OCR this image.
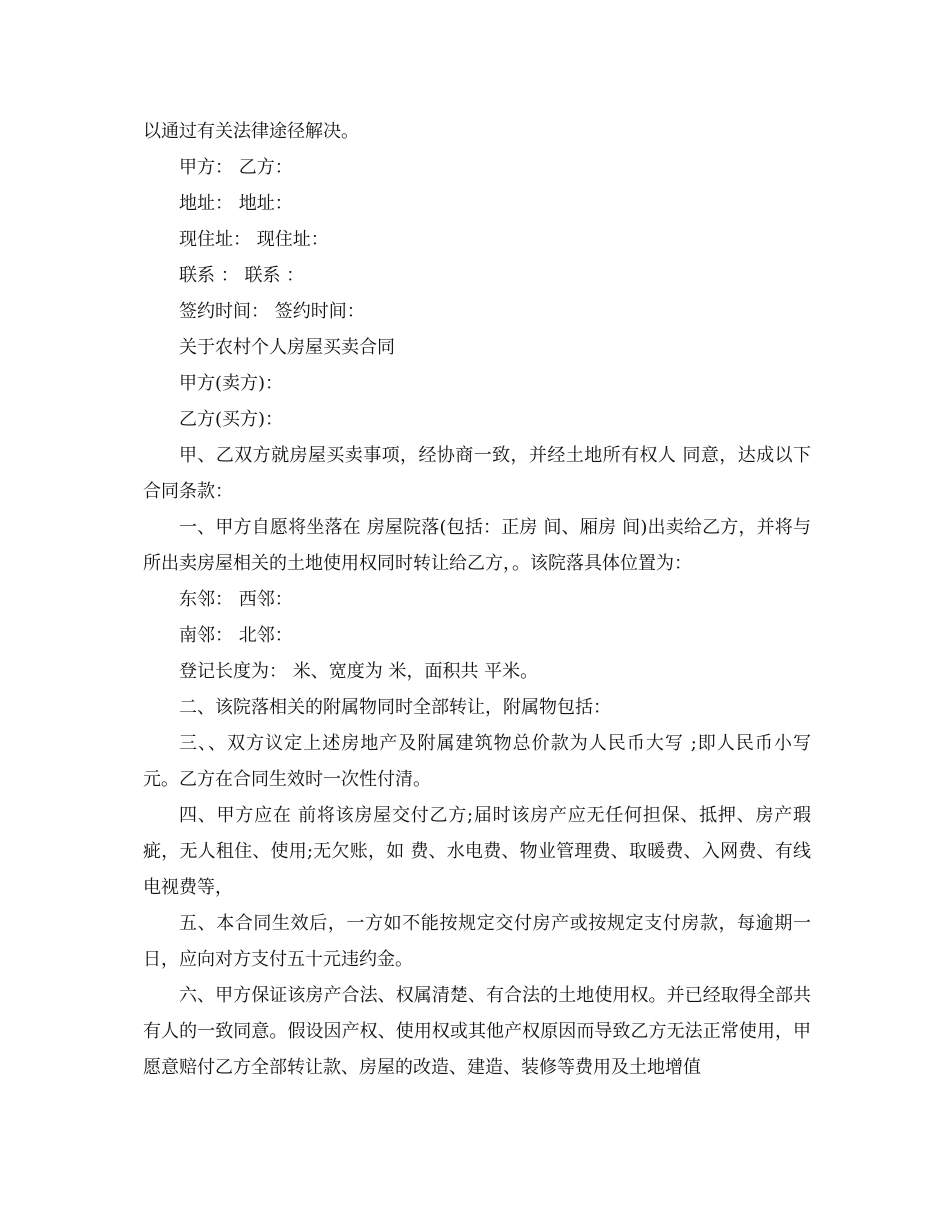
以通过有关法律途径解决。

甲方： 乙方：

地址： 地址：

现住址： 现住址：

联系 ： 联系 ：

签约时间： 签约时间：

关于农村个人房屋买卖合同

甲方(卖方)：

乙方(买方)：

甲、乙双方就房屋买卖事项，经协商一致，并经土地所有权人 同意，达成以下合同条款：

一、甲方自愿将坐落在 房屋院落(包括：正房 间、厢房 间)出卖给乙方，并将与所出卖房屋相关的土地使用权同时转让给乙方，。该院落具体位置为：

东邻： 西邻：

南邻： 北邻：

登记长度为： 米、宽度为 米，面积共 平米。

二、该院落相关的附属物同时全部转让，附属物包括：

三、、双方议定上述房地产及附属建筑物总价款为人民币大写 ;即人民币小写 元。乙方在合同生效时一次性付清。

四、甲方应在 前将该房屋交付乙方;届时该房产应无任何担保、抵押、房产瑕疵，无人租住、使用;无欠账，如 费、水电费、物业管理费、取暖费、入网费、有线电视费等，

五、本合同生效后，一方如不能按规定交付房产或按规定支付房款，每逾期一日，应向对方支付五十元违约金。

六、甲方保证该房产合法、权属清楚、有合法的土地使用权。并已经取得全部共有人的一致同意。假设因产权、使用权或其他产权原因而导致乙方无法正常使用，甲愿意赔付乙方全部转让款、房屋的改造、建造、装修等费用及土地增值
